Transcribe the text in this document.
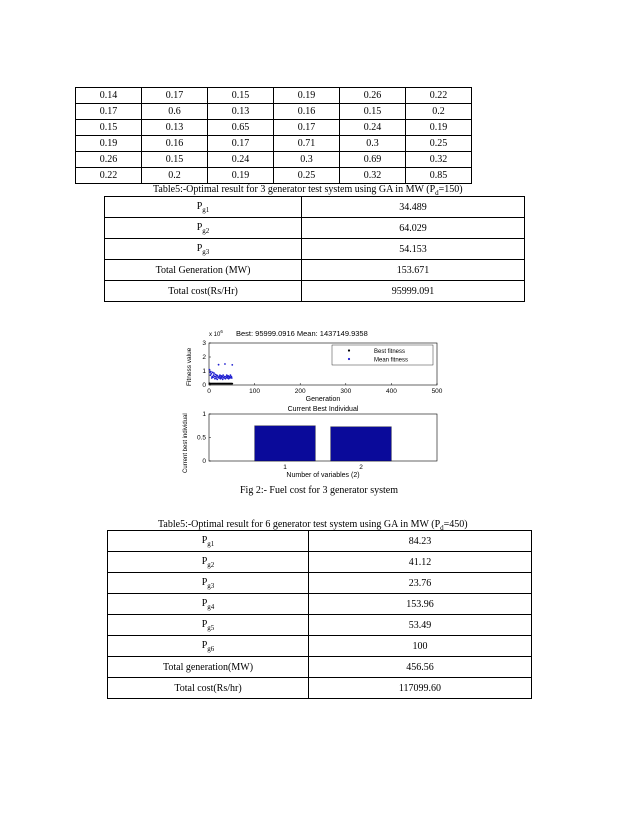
0.14	0.17	0.15	0.19	0.26	0.22
0.17	0.6	0.13	0.16	0.15	0.2
0.15	0.13	0.65	0.17	0.24	0.19
0.19	0.16	0.17	0.71	0.3	0.25
0.26	0.15	0.24	0.3	0.69	0.32
0.22	0.2	0.19	0.25	0.32	0.85
Table5:-Optimal result for 3 generator test system using GA in MW $(P_d=150)$
$P_{g1}$	34.489
$P_{g2}$	64.029
$P_{g3}$	54.153
Total Generation (MW)	153.671
Total cost(Rs/Hr)	95999.091
x $10^6$ Best: 95999.0916 Mean: 1437149.9358
Fitness value
Generation
0	100	200	300	400	500
0
1
2
3
Best fitness
Mean fitness
Current Best Individual
Current best individual
Number of variables (2)
1	2
0
0.5
1
Fig 2:- Fuel cost for 3 generator system
Table5:-Optimal result for 6 generator test system using GA in MW $(P_d=450)$
$P_{g1}$	84.23
$P_{g2}$	41.12
$P_{g3}$	23.76
$P_{g4}$	153.96
$P_{g5}$	53.49
$P_{g6}$	100
Total generation(MW)	456.56
Total cost(Rs/hr)	117099.60
